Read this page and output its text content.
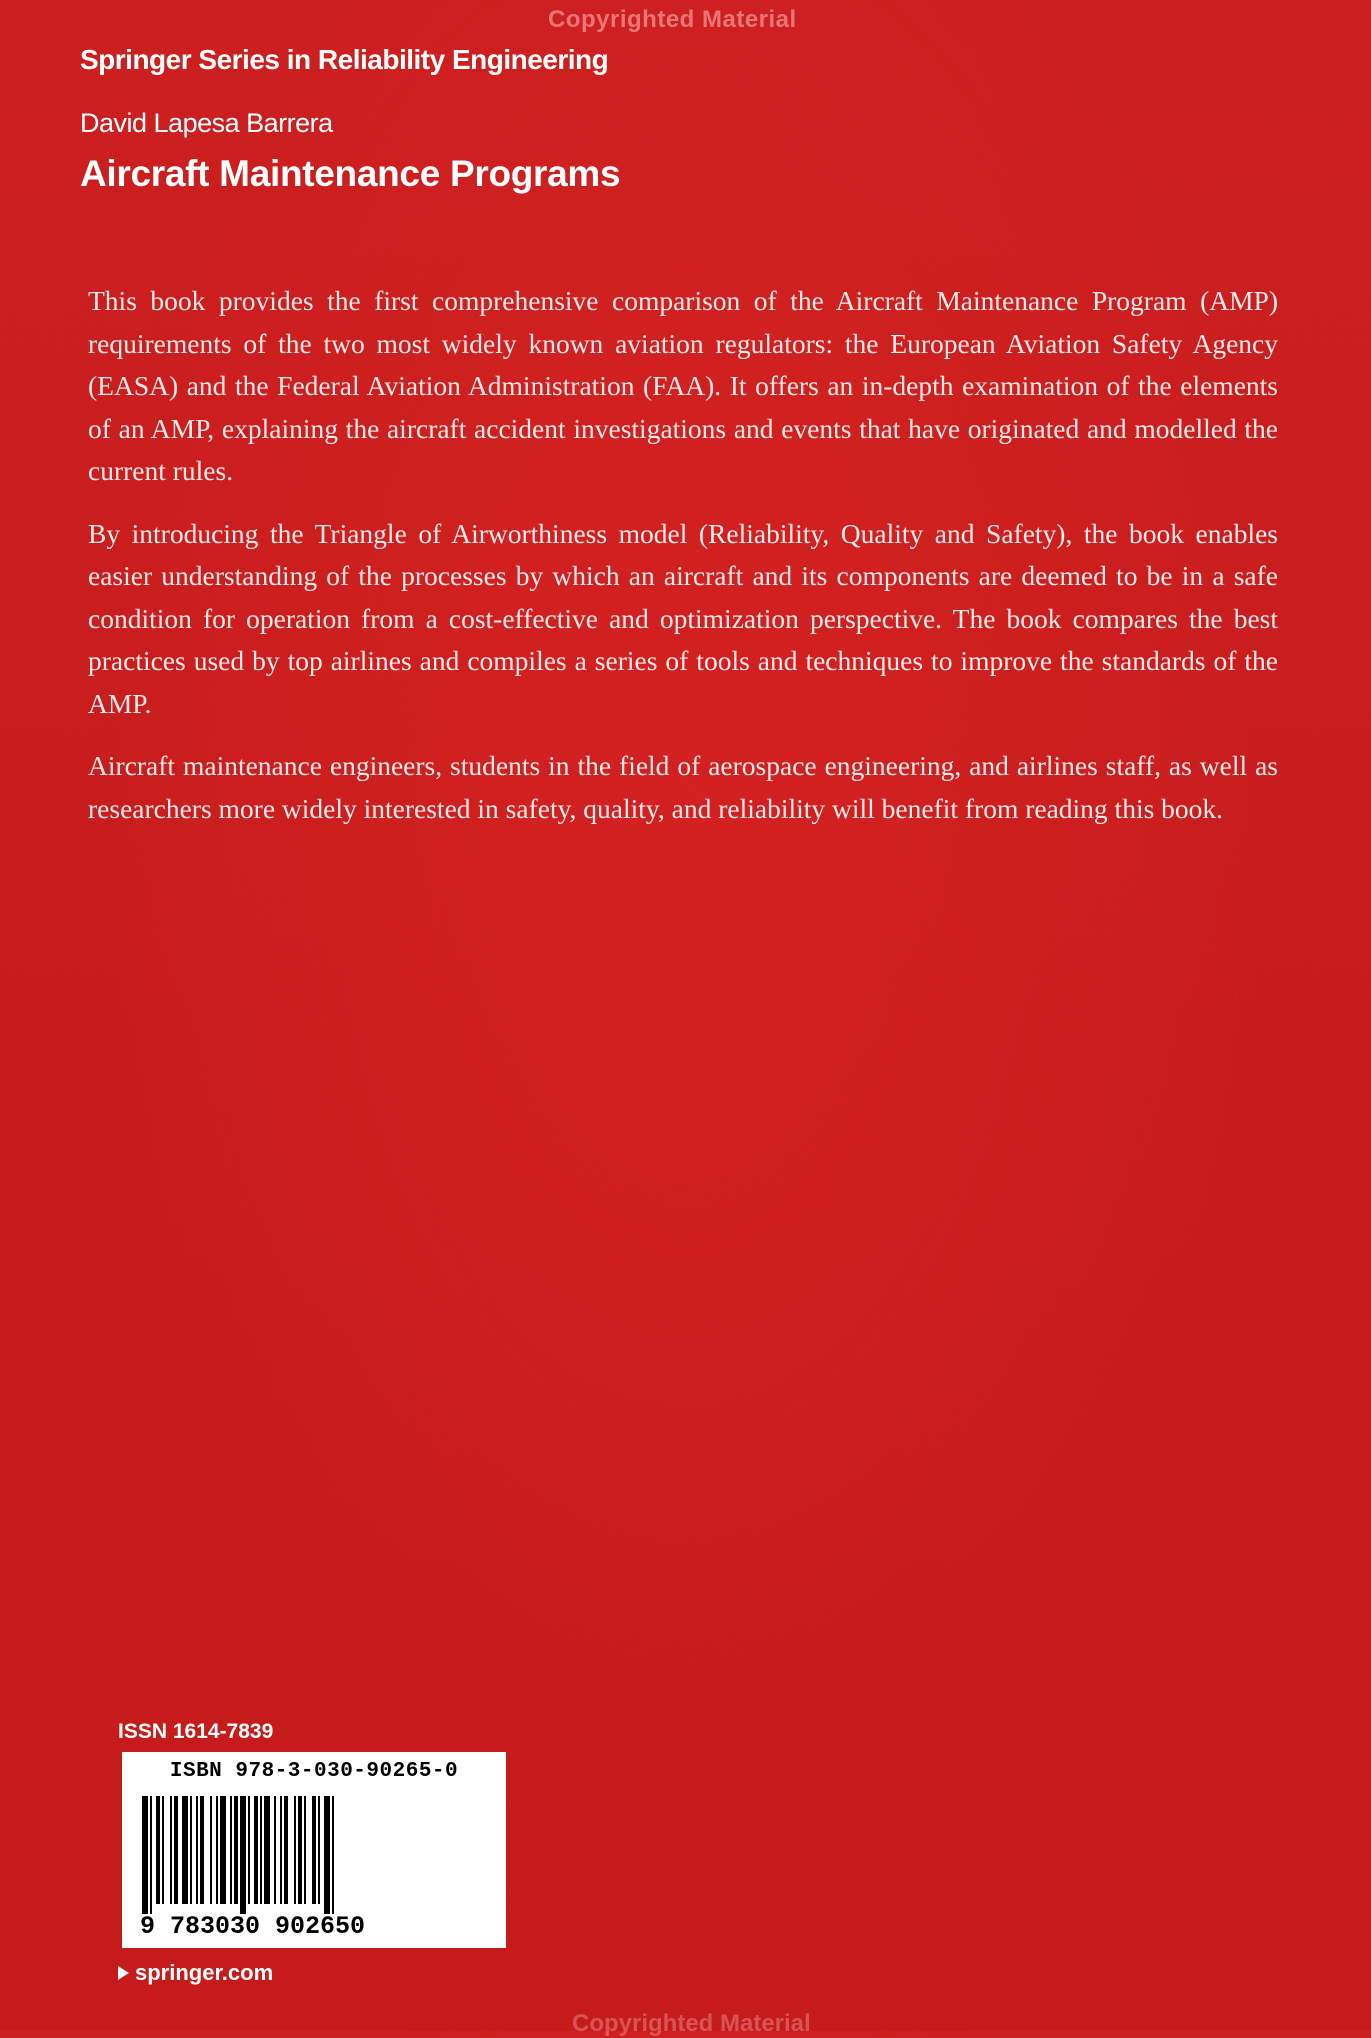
Copyrighted Material
Springer Series in Reliability Engineering
David Lapesa Barrera
Aircraft Maintenance Programs

This book provides the first comprehensive comparison of the Aircraft Maintenance Program (AMP) requirements of the two most widely known aviation regulators: the European Aviation Safety Agency (EASA) and the Federal Aviation Administration (FAA). It offers an in-depth examination of the elements of an AMP, explaining the aircraft accident investigations and events that have originated and modelled the current rules.

By introducing the Triangle of Airworthiness model (Reliability, Quality and Safety), the book enables easier understanding of the processes by which an aircraft and its components are deemed to be in a safe condition for operation from a cost-effective and optimization perspective. The book compares the best practices used by top airlines and compiles a series of tools and techniques to improve the standards of the AMP.

Aircraft maintenance engineers, students in the field of aerospace engineering, and airlines staff, as well as researchers more widely interested in safety, quality, and reliability will benefit from reading this book.

ISSN 1614-7839
ISBN 978-3-030-90265-0
9 783030 902650
springer.com
Copyrighted Material
